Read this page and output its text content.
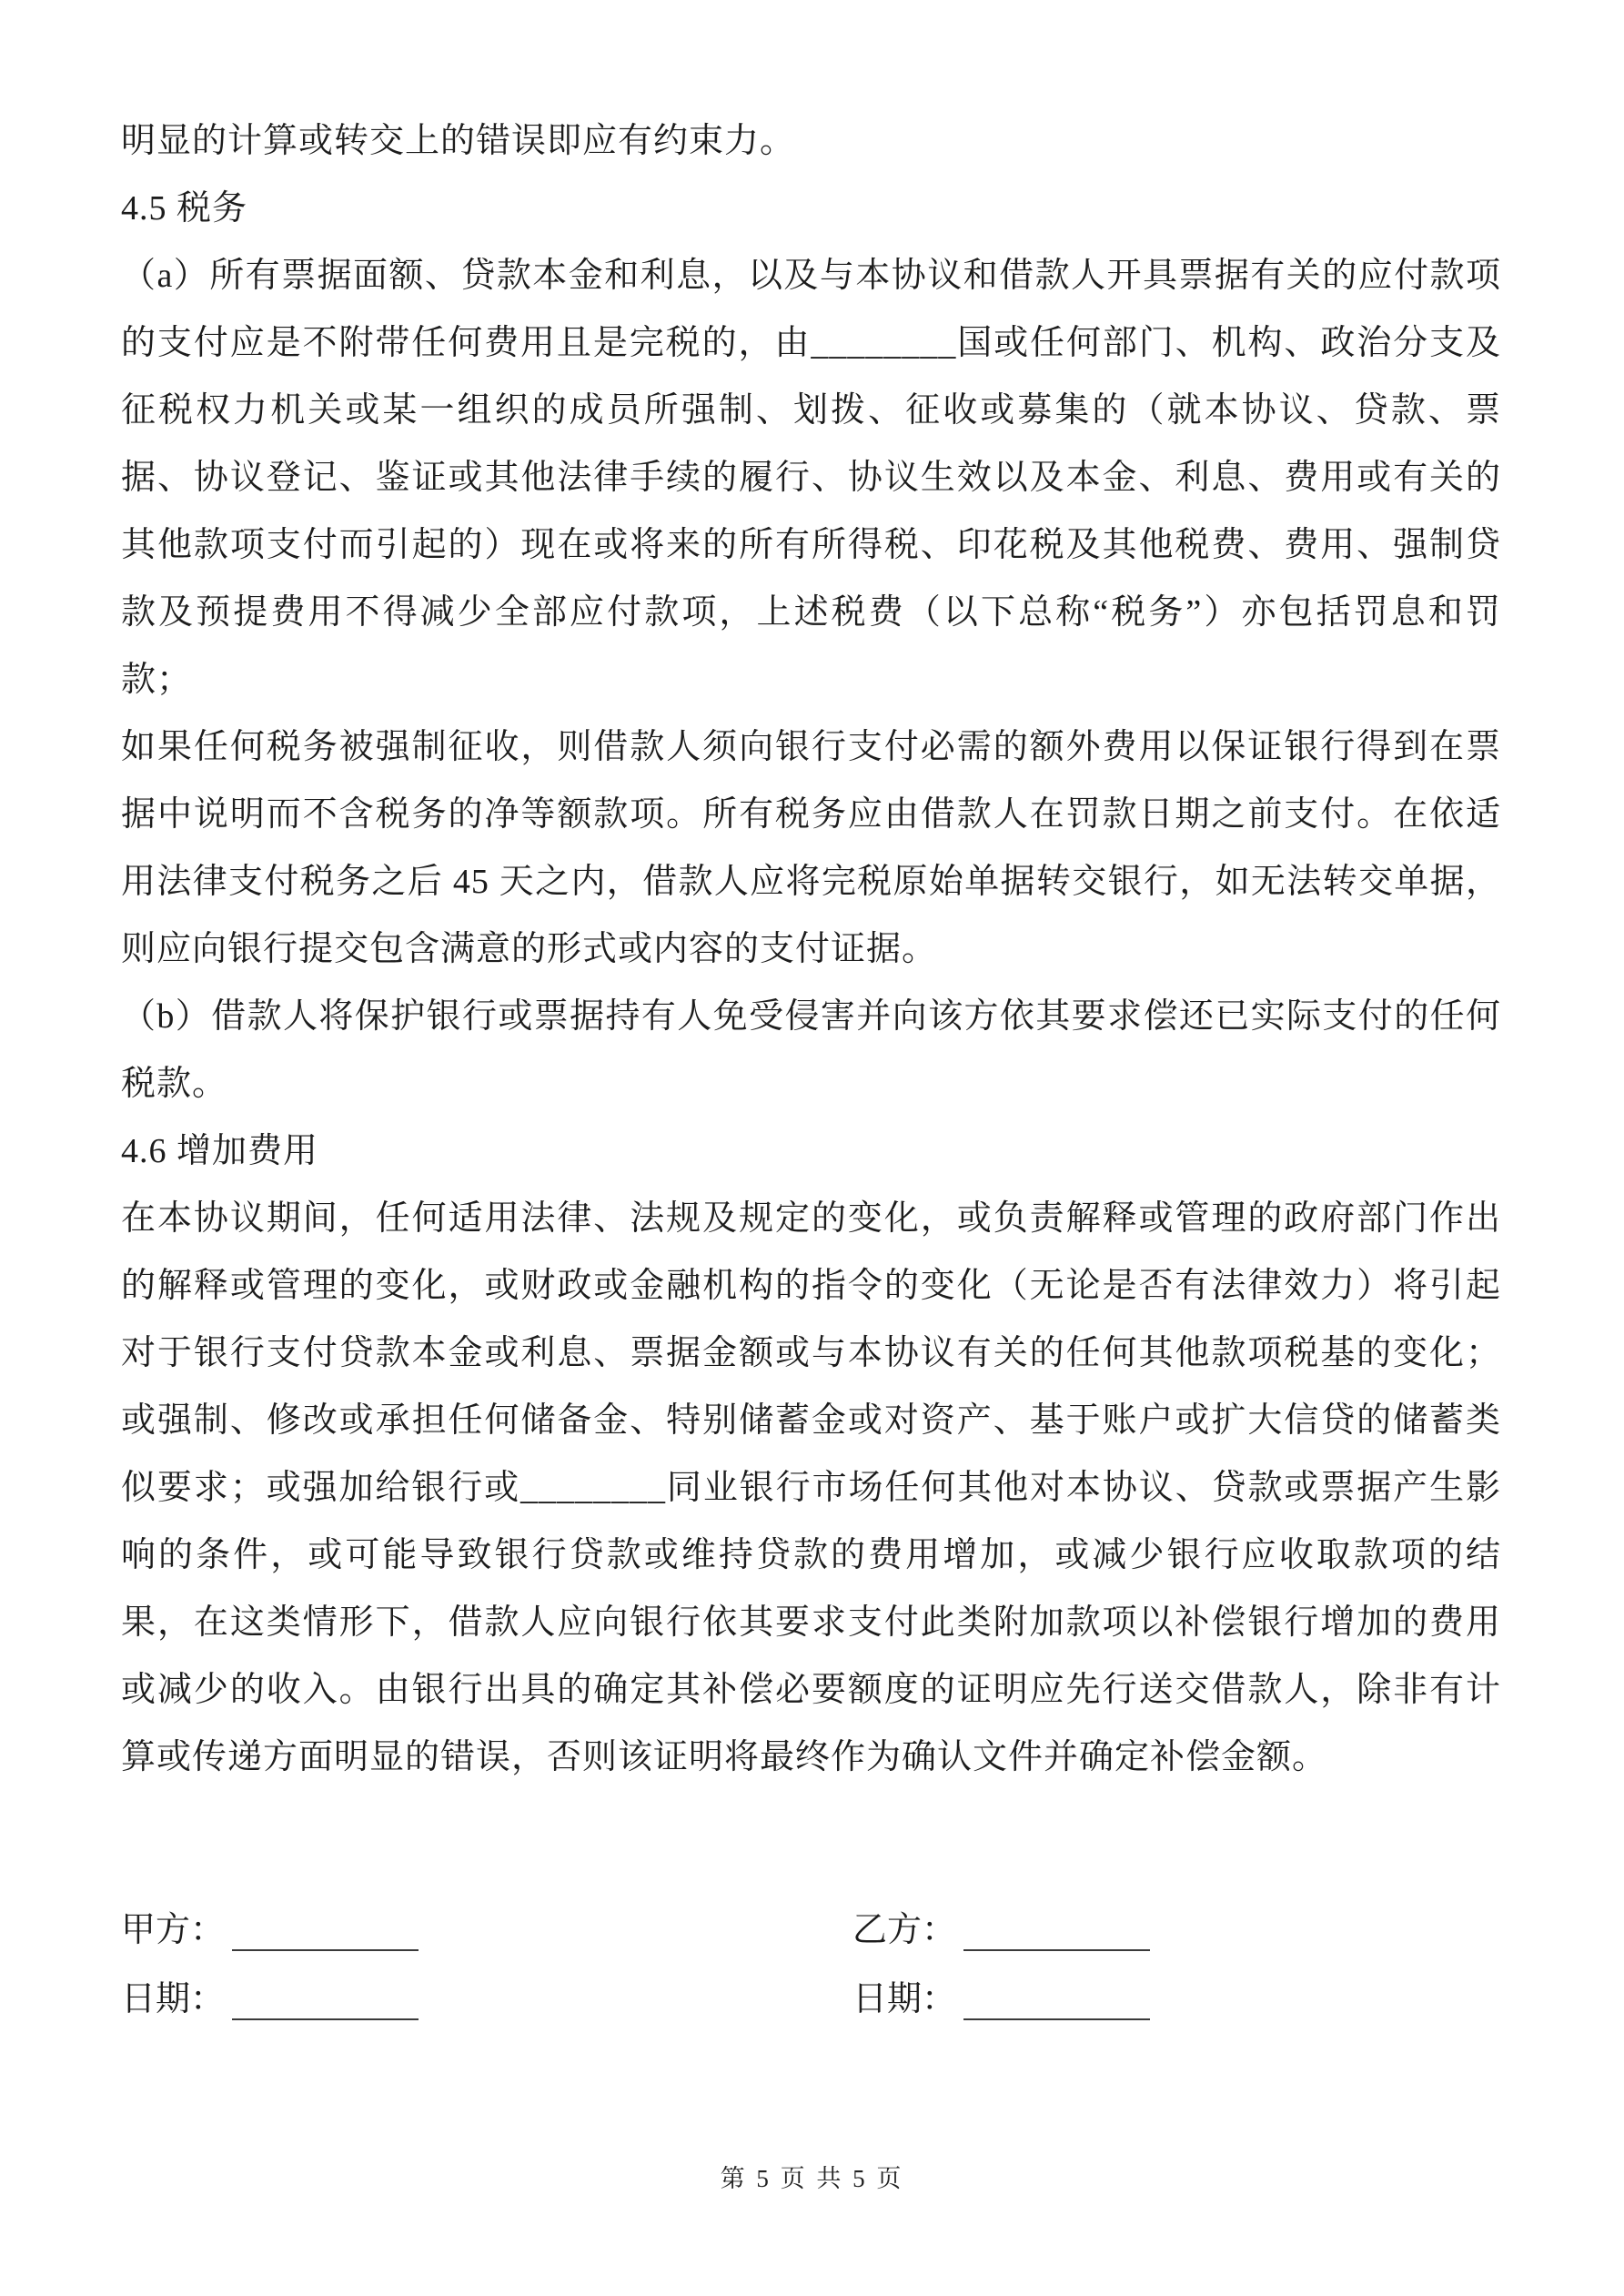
明显的计算或转交上的错误即应有约束力。

4.5 税务

（a）所有票据面额、贷款本金和利息，以及与本协议和借款人开具票据有关的应付款项的支付应是不附带任何费用且是完税的，由________国或任何部门、机构、政治分支及征税权力机关或某一组织的成员所强制、划拨、征收或募集的（就本协议、贷款、票据、协议登记、鉴证或其他法律手续的履行、协议生效以及本金、利息、费用或有关的其他款项支付而引起的）现在或将来的所有所得税、印花税及其他税费、费用、强制贷款及预提费用不得减少全部应付款项，上述税费（以下总称“税务”）亦包括罚息和罚款；

如果任何税务被强制征收，则借款人须向银行支付必需的额外费用以保证银行得到在票据中说明而不含税务的净等额款项。所有税务应由借款人在罚款日期之前支付。在依适用法律支付税务之后 45 天之内，借款人应将完税原始单据转交银行，如无法转交单据，则应向银行提交包含满意的形式或内容的支付证据。

（b）借款人将保护银行或票据持有人免受侵害并向该方依其要求偿还已实际支付的任何税款。

4.6 增加费用

在本协议期间，任何适用法律、法规及规定的变化，或负责解释或管理的政府部门作出的解释或管理的变化，或财政或金融机构的指令的变化（无论是否有法律效力）将引起对于银行支付贷款本金或利息、票据金额或与本协议有关的任何其他款项税基的变化；或强制、修改或承担任何储备金、特别储蓄金或对资产、基于账户或扩大信贷的储蓄类似要求；或强加给银行或________同业银行市场任何其他对本协议、贷款或票据产生影响的条件，或可能导致银行贷款或维持贷款的费用增加，或减少银行应收取款项的结果，在这类情形下，借款人应向银行依其要求支付此类附加款项以补偿银行增加的费用或减少的收入。由银行出具的确定其补偿必要额度的证明应先行送交借款人，除非有计算或传递方面明显的错误，否则该证明将最终作为确认文件并确定补偿金额。

甲方：	乙方：
日期：	日期：
第 5 页 共 5 页
